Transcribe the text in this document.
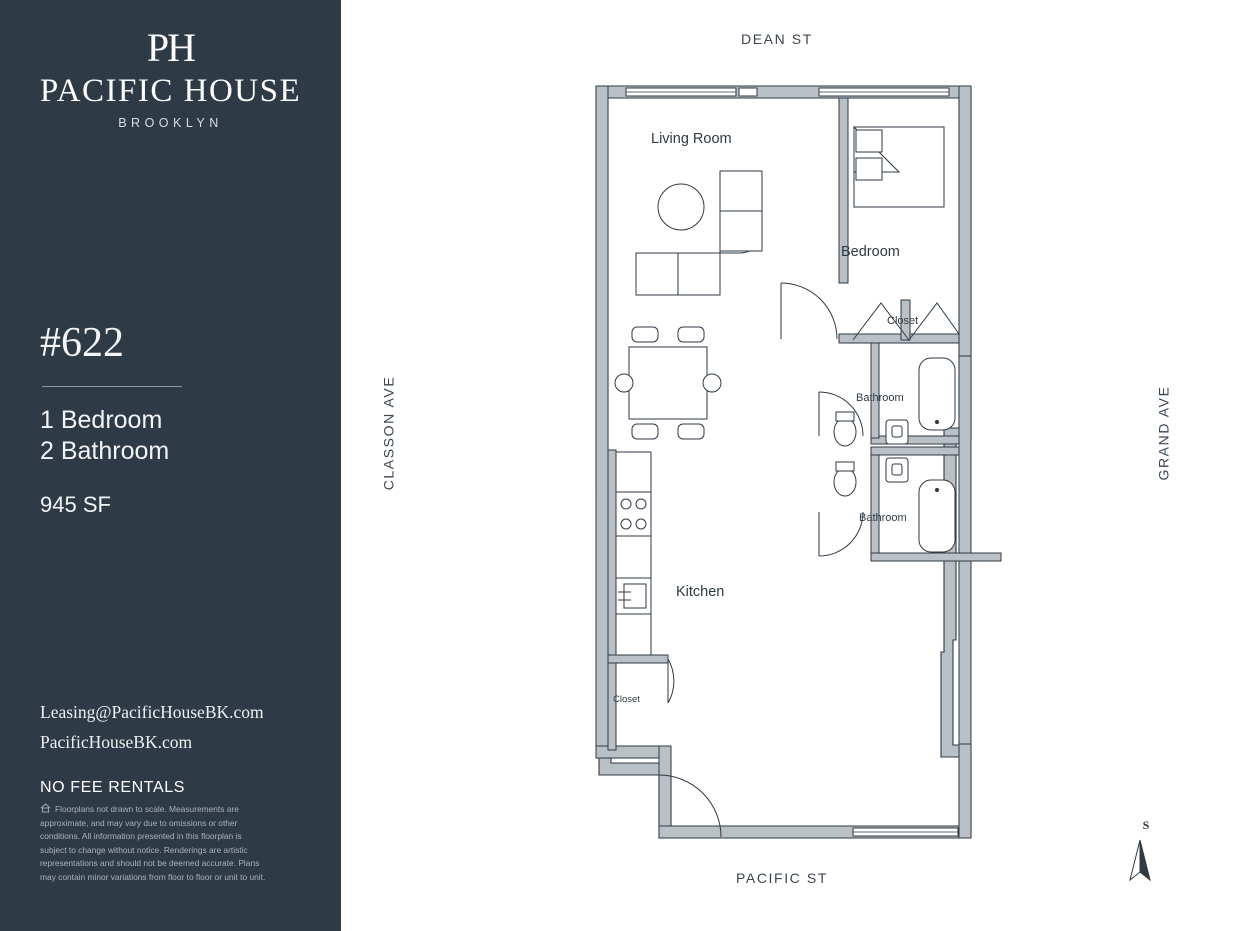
PH
PACIFIC HOUSE
BROOKLYN
#622
1 Bedroom
2 Bathroom
945 SF
Leasing@PacificHouseBK.com
PacificHouseBK.com
NO FEE RENTALS
Floorplans not drawn to scale. Measurements are approximate, and may vary due to omissions or other conditions. All information presented in this floorplan is subject to change without notice. Renderings are artistic representations and should not be deemed accurate. Plans may contain minor variations from floor to floor or unit to unit.
DEAN ST
PACIFIC ST
CLASSON AVE	GRAND AVE
Living Room
Bedroom
Closet
Bathroom
Bathroom
Kitchen
Closet
S
